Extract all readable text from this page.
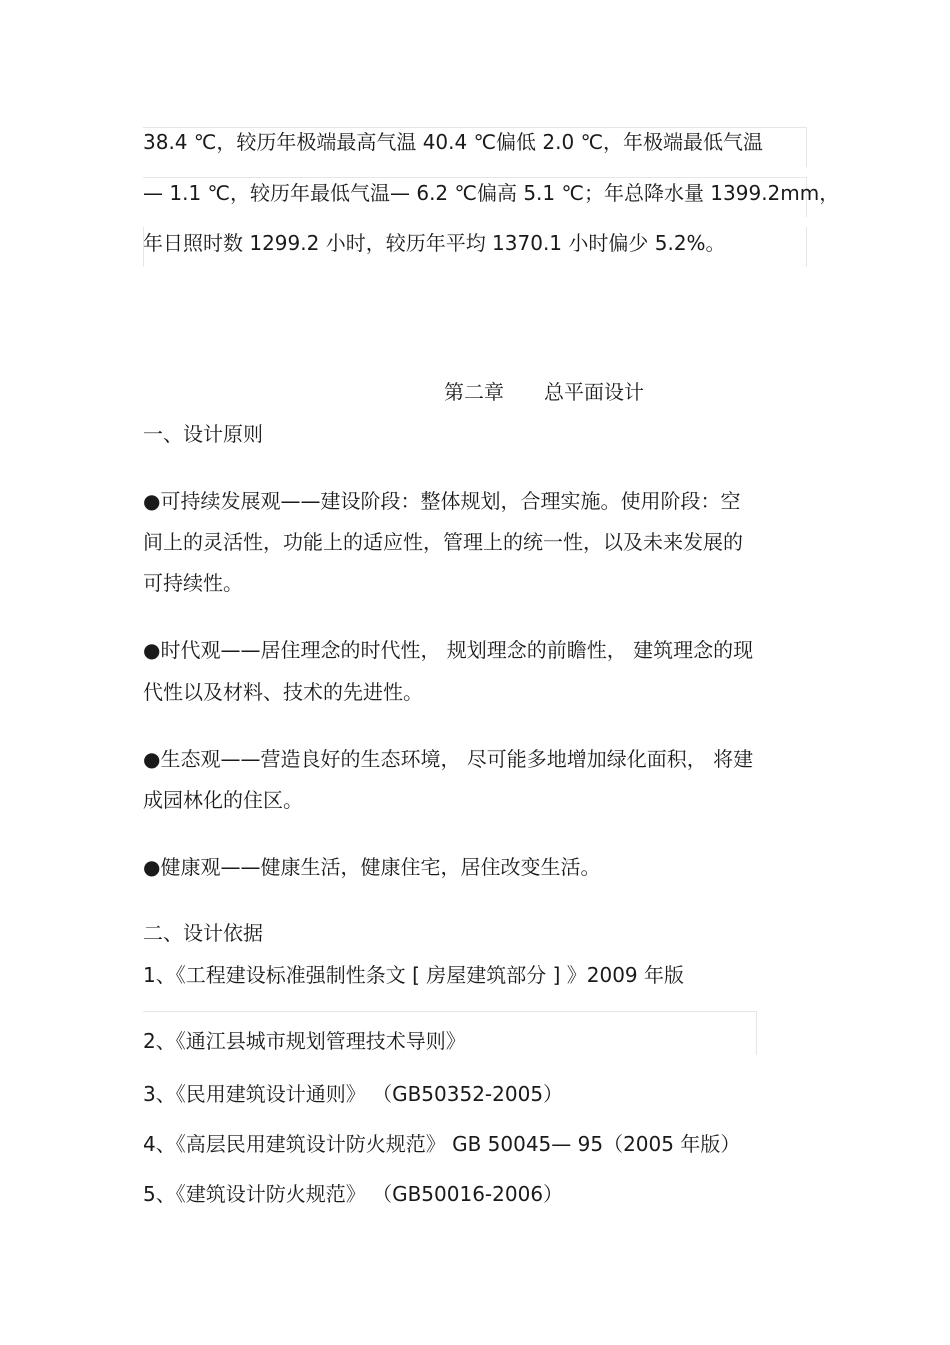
38.4 ℃，较历年极端最高气温 40.4 ℃偏低 2.0 ℃，年极端最低气温
— 1.1 ℃，较历年最低气温— 6.2 ℃偏高 5.1 ℃；年总降水量 1399.2mm，
年日照时数 1299.2 小时，较历年平均 1370.1 小时偏少 5.2%。
第二章 总平面设计
一、设计原则
●可持续发展观——建设阶段：整体规划，合理实施。使用阶段：空
间上的灵活性，功能上的适应性，管理上的统一性，以及未来发展的
可持续性。
●时代观——居住理念的时代性， 规划理念的前瞻性， 建筑理念的现
代性以及材料、技术的先进性。
●生态观——营造良好的生态环境， 尽可能多地增加绿化面积， 将建
成园林化的住区。
●健康观——健康生活，健康住宅，居住改变生活。
二、设计依据
1、《工程建设标准强制性条文 [ 房屋建筑部分 ] 》2009 年版
2、《通江县城市规划管理技术导则》
3、《民用建筑设计通则》 （GB50352-2005）
4、《高层民用建筑设计防火规范》 GB 50045— 95（2005 年版）
5、《建筑设计防火规范》 （GB50016-2006）
